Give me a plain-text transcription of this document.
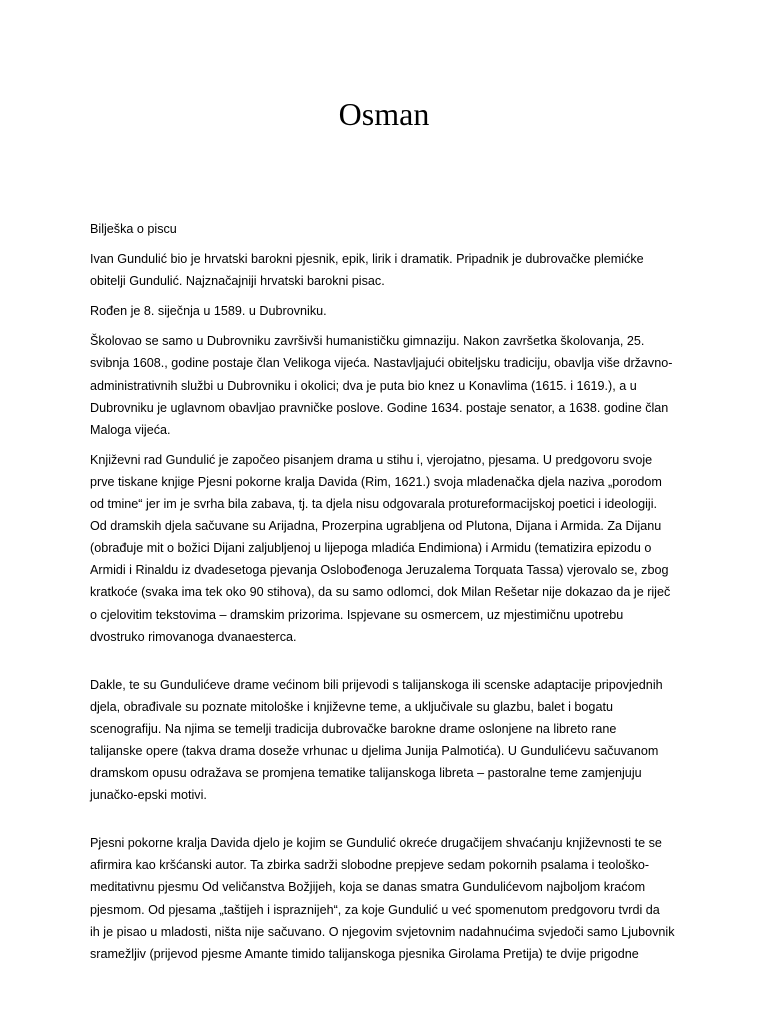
Osman

Bilješka o piscu

Ivan Gundulić bio je hrvatski barokni pjesnik, epik, lirik i dramatik. Pripadnik je dubrovačke plemićke
obitelji Gundulić. Najznačajniji hrvatski barokni pisac.

Rođen je 8. siječnja u 1589. u Dubrovniku.

Školovao se samo u Dubrovniku završivši humanističku gimnaziju. Nakon završetka školovanja, 25.
svibnja 1608., godine postaje član Velikoga vijeća. Nastavljajući obiteljsku tradiciju, obavlja više državno-
administrativnih službi u Dubrovniku i okolici; dva je puta bio knez u Konavlima (1615. i 1619.), a u
Dubrovniku je uglavnom obavljao pravničke poslove. Godine 1634. postaje senator, a 1638. godine član
Maloga vijeća.

Književni rad Gundulić je započeo pisanjem drama u stihu i, vjerojatno, pjesama. U predgovoru svoje
prve tiskane knjige Pjesni pokorne kralja Davida (Rim, 1621.) svoja mladenačka djela naziva „porodom
od tmine“ jer im je svrha bila zabava, tj. ta djela nisu odgovarala protureformacijskoj poetici i ideologiji.
Od dramskih djela sačuvane su Arijadna, Prozerpina ugrabljena od Plutona, Dijana i Armida. Za Dijanu
(obrađuje mit o božici Dijani zaljubljenoj u lijepoga mladića Endimiona) i Armidu (tematizira epizodu o
Armidi i Rinaldu iz dvadesetoga pjevanja Oslobođenoga Jeruzalema Torquata Tassa) vjerovalo se, zbog
kratkoće (svaka ima tek oko 90 stihova), da su samo odlomci, dok Milan Rešetar nije dokazao da je riječ
o cjelovitim tekstovima – dramskim prizorima. Ispjevane su osmercem, uz mjestimičnu upotrebu
dvostruko rimovanoga dvanaesterca.

Dakle, te su Gundulićeve drame većinom bili prijevodi s talijanskoga ili scenske adaptacije pripovjednih
djela, obrađivale su poznate mitološke i književne teme, a uključivale su glazbu, balet i bogatu
scenografiju. Na njima se temelji tradicija dubrovačke barokne drame oslonjene na libreto rane
talijanske opere (takva drama doseže vrhunac u djelima Junija Palmotića). U Gundulićevu sačuvanom
dramskom opusu odražava se promjena tematike talijanskoga libreta – pastoralne teme zamjenjuju
junačko-epski motivi.

Pjesni pokorne kralja Davida djelo je kojim se Gundulić okreće drugačijem shvaćanju književnosti te se
afirmira kao kršćanski autor. Ta zbirka sadrži slobodne prepjeve sedam pokornih psalama i teološko-
meditativnu pjesmu Od veličanstva Božjijeh, koja se danas smatra Gundulićevom najboljom kraćom
pjesmom. Od pjesama „taštijeh i ispraznijeh“, za koje Gundulić u već spomenutom predgovoru tvrdi da
ih je pisao u mladosti, ništa nije sačuvano. O njegovim svjetovnim nadahnućima svjedoči samo Ljubovnik
sramežljiv (prijevod pjesme Amante timido talijanskoga pjesnika Girolama Pretija) te dvije prigodne
